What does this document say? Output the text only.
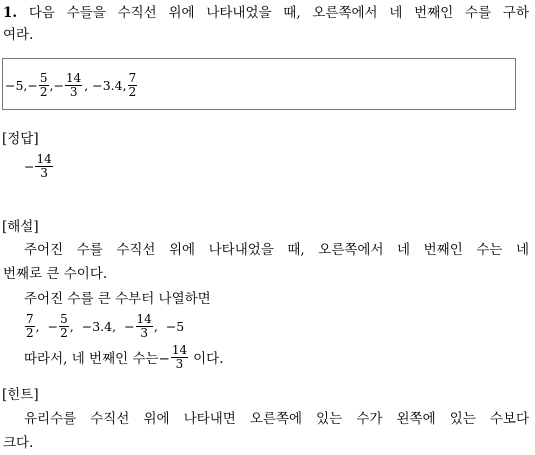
1. 다음 수들을 수직선 위에 나타내었을 때, 오른쪽에서 네 번째인 수를 구하
여라.
−5, − $\frac{5}{2}$ , − $\frac{14}{3}$ , −3.4, $\frac{7}{2}$
[정답]
− $\frac{14}{3}$
[해설]
주어진 수를 수직선 위에 나타내었을 때, 오른쪽에서 네 번째인 수는 네
번째로 큰 수이다.
주어진 수를 큰 수부터 나열하면
$\frac{7}{2}$ , − $\frac{5}{2}$ , −3.4, − $\frac{14}{3}$ , −5
따라서, 네 번째인 수는− $\frac{14}{3}$ 이다.
[힌트]
유리수를 수직선 위에 나타내면 오른쪽에 있는 수가 왼쪽에 있는 수보다
크다.
